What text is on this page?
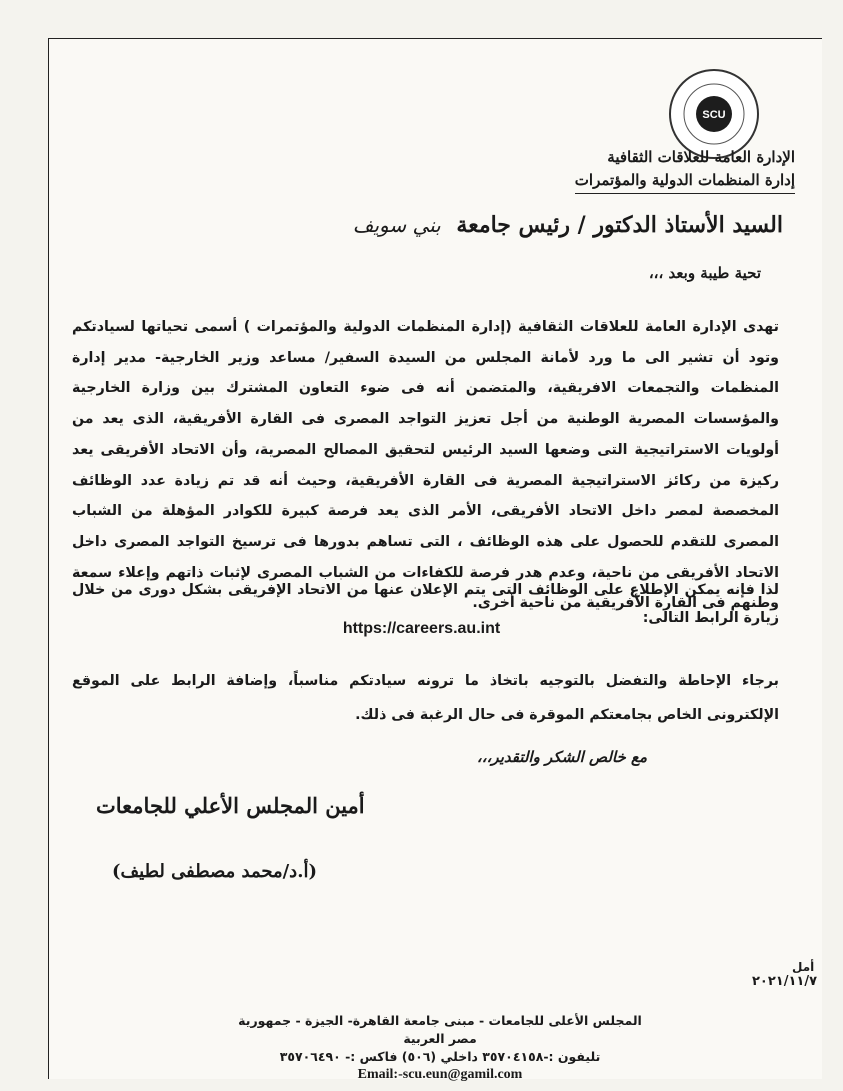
SCU
الإدارة العامة للعلاقات الثقافية
إدارة المنظمات الدولية والمؤتمرات
السيد الأستاذ الدكتور / رئيس جامعة بني سويف
تحية طيبة وبعد ،،،
تهدى الإدارة العامة للعلاقات الثقافية (إدارة المنظمات الدولية والمؤتمرات ) أسمى تحياتها لسيادتكم وتود أن تشير الى ما ورد لأمانة المجلس من السيدة السفير/ مساعد وزير الخارجية- مدير إدارة المنظمات والتجمعات الافريقية، والمتضمن أنه فى ضوء التعاون المشترك بين وزارة الخارجية والمؤسسات المصرية الوطنية من أجل تعزيز التواجد المصرى فى القارة الأفريقية، الذى يعد من أولويات الاستراتيجية التى وضعها السيد الرئيس لتحقيق المصالح المصرية، وأن الاتحاد الأفريقى يعد ركيزة من ركائز الاستراتيجية المصرية فى القارة الأفريقية، وحيث أنه قد تم زيادة عدد الوظائف المخصصة لمصر داخل الاتحاد الأفريقى، الأمر الذى يعد فرصة كبيرة للكوادر المؤهلة من الشباب المصرى للتقدم للحصول على هذه الوظائف ، التى تساهم بدورها فى ترسيخ التواجد المصرى داخل الاتحاد الأفريقى من ناحية، وعدم هدر فرصة للكفاءات من الشباب المصرى لإثبات ذاتهم وإعلاء سمعة وطنهم فى القارة الأفريقية من ناحية أخرى.
لذا فإنه يمكن الإطلاع على الوظائف التى يتم الإعلان عنها من الاتحاد الإفريقى بشكل دورى من خلال زيارة الرابط التالى:
https://careers.au.int
برجاء الإحاطة والتفضل بالتوجيه باتخاذ ما ترونه سيادتكم مناسباً، وإضافة الرابط على الموقع الإلكترونى الخاص بجامعتكم الموقرة فى حال الرغبة فى ذلك.
مع خالص الشكر والتقدير،،،
أمين المجلس الأعلي للجامعات
(أ.د/محمد مصطفى لطيف)
أمل
٢٠٢١/١١/٧
المجلس الأعلى للجامعات - مبنى جامعة القاهرة- الجيزة - جمهورية مصر العربية
تليفون :-٣٥٧٠٤١٥٨ داخلي (٥٠٦) فاكس :- ٣٥٧٠٦٤٩٠
Email:-scu.eun@gamil.com
